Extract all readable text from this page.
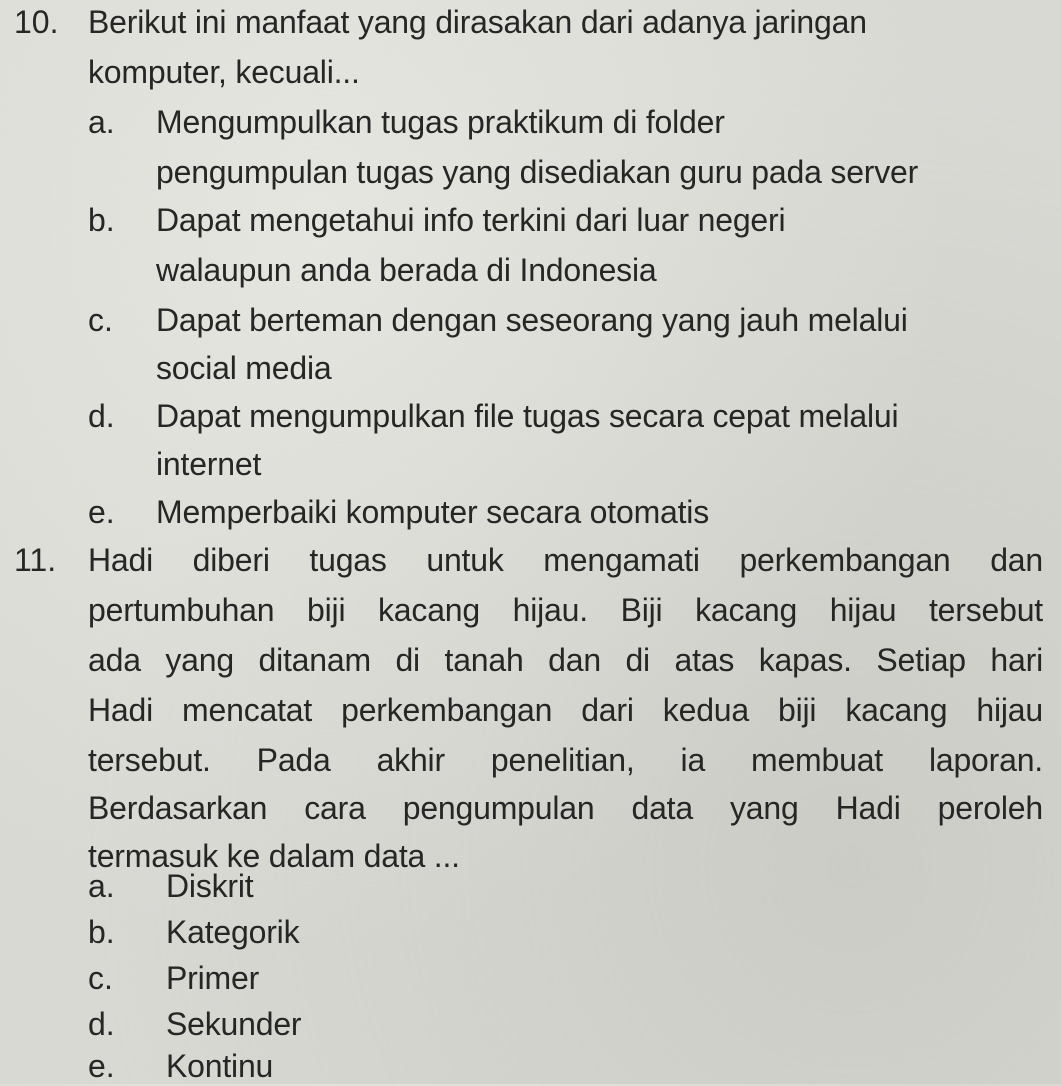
10. Berikut ini manfaat yang dirasakan dari adanya jaringan
komputer, kecuali...
a. Mengumpulkan tugas praktikum di folder
pengumpulan tugas yang disediakan guru pada server
b. Dapat mengetahui info terkini dari luar negeri
walaupun anda berada di Indonesia
c. Dapat berteman dengan seseorang yang jauh melalui
social media
d. Dapat mengumpulkan file tugas secara cepat melalui
internet
e. Memperbaiki komputer secara otomatis
11. Hadi diberi tugas untuk mengamati perkembangan dan
pertumbuhan biji kacang hijau. Biji kacang hijau tersebut
ada yang ditanam di tanah dan di atas kapas. Setiap hari
Hadi mencatat perkembangan dari kedua biji kacang hijau
tersebut. Pada akhir penelitian, ia membuat laporan.
Berdasarkan cara pengumpulan data yang Hadi peroleh
termasuk ke dalam data ...
a. Diskrit
b. Kategorik
c. Primer
d. Sekunder
e. Kontinu
